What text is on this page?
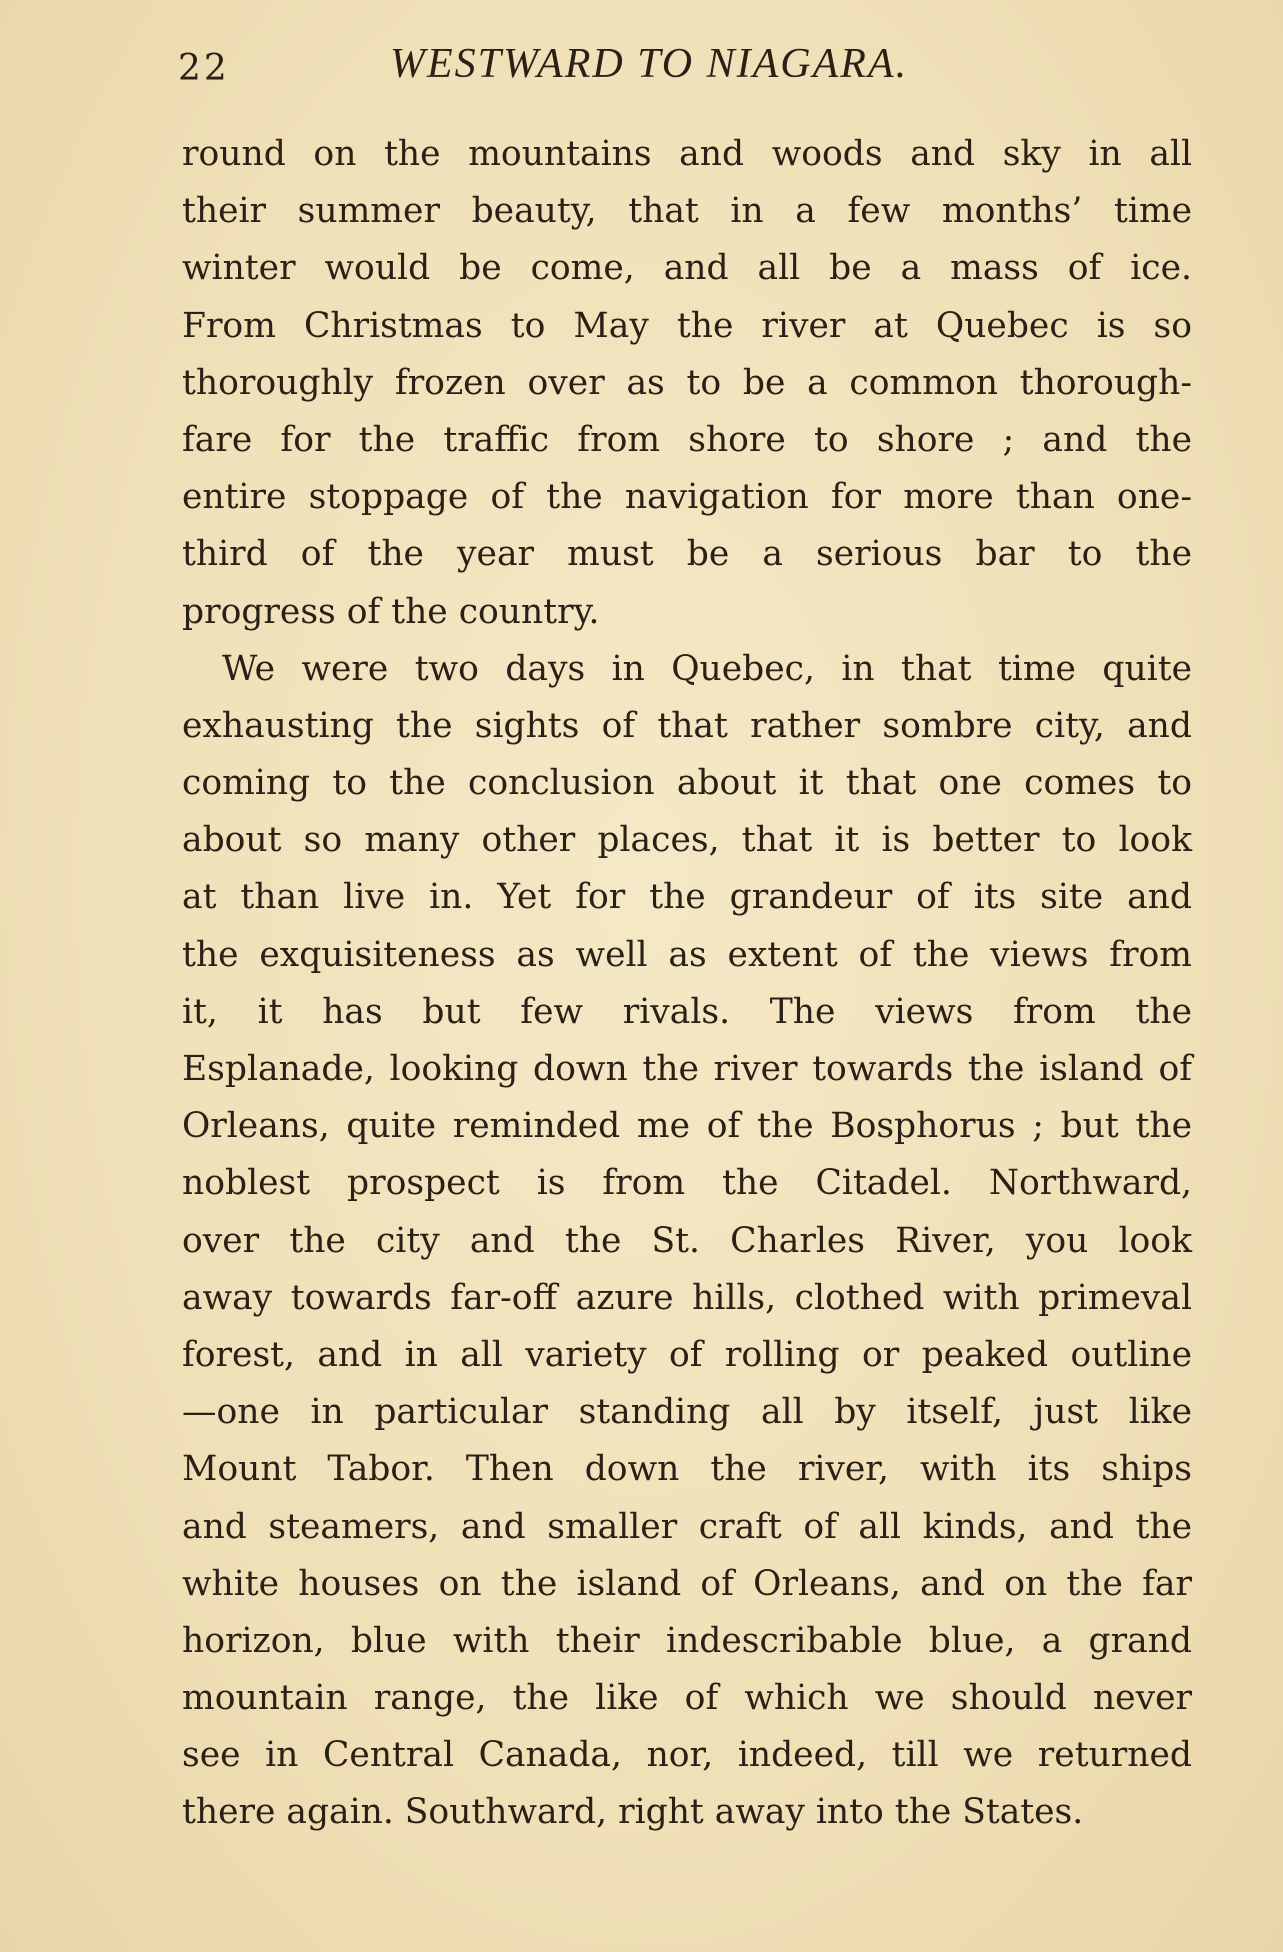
22	WESTWARD TO NIAGARA.
round on the mountains and woods and sky in all
their summer beauty, that in a few months’ time
winter would be come, and all be a mass of ice.
From Christmas to May the river at Quebec is so
thoroughly frozen over as to be a common thorough-
fare for the traffic from shore to shore ; and the
entire stoppage of the navigation for more than one-
third of the year must be a serious bar to the
progress of the country.
We were two days in Quebec, in that time quite
exhausting the sights of that rather sombre city, and
coming to the conclusion about it that one comes to
about so many other places, that it is better to look
at than live in. Yet for the grandeur of its site and
the exquisiteness as well as extent of the views from
it, it has but few rivals. The views from the
Esplanade, looking down the river towards the island of
Orleans, quite reminded me of the Bosphorus ; but the
noblest prospect is from the Citadel. Northward,
over the city and the St. Charles River, you look
away towards far-off azure hills, clothed with primeval
forest, and in all variety of rolling or peaked outline
—one in particular standing all by itself, just like
Mount Tabor. Then down the river, with its ships
and steamers, and smaller craft of all kinds, and the
white houses on the island of Orleans, and on the far
horizon, blue with their indescribable blue, a grand
mountain range, the like of which we should never
see in Central Canada, nor, indeed, till we returned
there again. Southward, right away into the States.
